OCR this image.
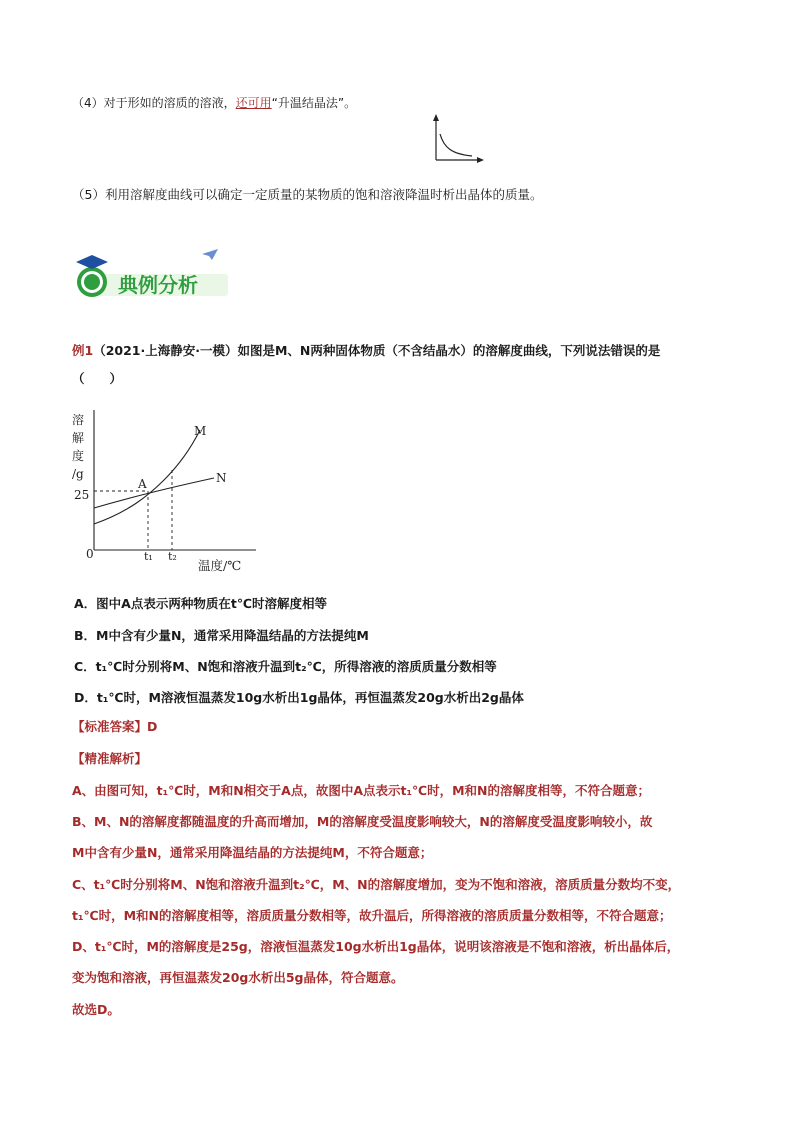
（4）对于形如的溶质的溶液，还可用“升温结晶法”。
（5）利用溶解度曲线可以确定一定质量的某物质的饱和溶液降温时析出晶体的质量。
典例分析
例1（2021·上海静安·一模）如图是M、N两种固体物质（不含结晶水）的溶解度曲线，下列说法错误的是
（　　）
溶
解
度
/g
25
0
M
N
A
t₁ t₂
温度/℃
A．图中A点表示两种物质在t℃时溶解度相等
B．M中含有少量N，通常采用降温结晶的方法提纯M
C．t₁℃时分别将M、N饱和溶液升温到t₂℃，所得溶液的溶质质量分数相等
D．t₁℃时，M溶液恒温蒸发10g水析出1g晶体，再恒温蒸发20g水析出2g晶体
【标准答案】D
【精准解析】
A、由图可知，t₁℃时，M和N相交于A点，故图中A点表示t₁℃时，M和N的溶解度相等，不符合题意；
B、M、N的溶解度都随温度的升高而增加，M的溶解度受温度影响较大，N的溶解度受温度影响较小，故
M中含有少量N，通常采用降温结晶的方法提纯M，不符合题意；
C、t₁℃时分别将M、N饱和溶液升温到t₂℃，M、N的溶解度增加，变为不饱和溶液，溶质质量分数均不变，
t₁℃时，M和N的溶解度相等，溶质质量分数相等，故升温后，所得溶液的溶质质量分数相等，不符合题意；
D、t₁℃时，M的溶解度是25g，溶液恒温蒸发10g水析出1g晶体，说明该溶液是不饱和溶液，析出晶体后，
变为饱和溶液，再恒温蒸发20g水析出5g晶体，符合题意。
故选D。
